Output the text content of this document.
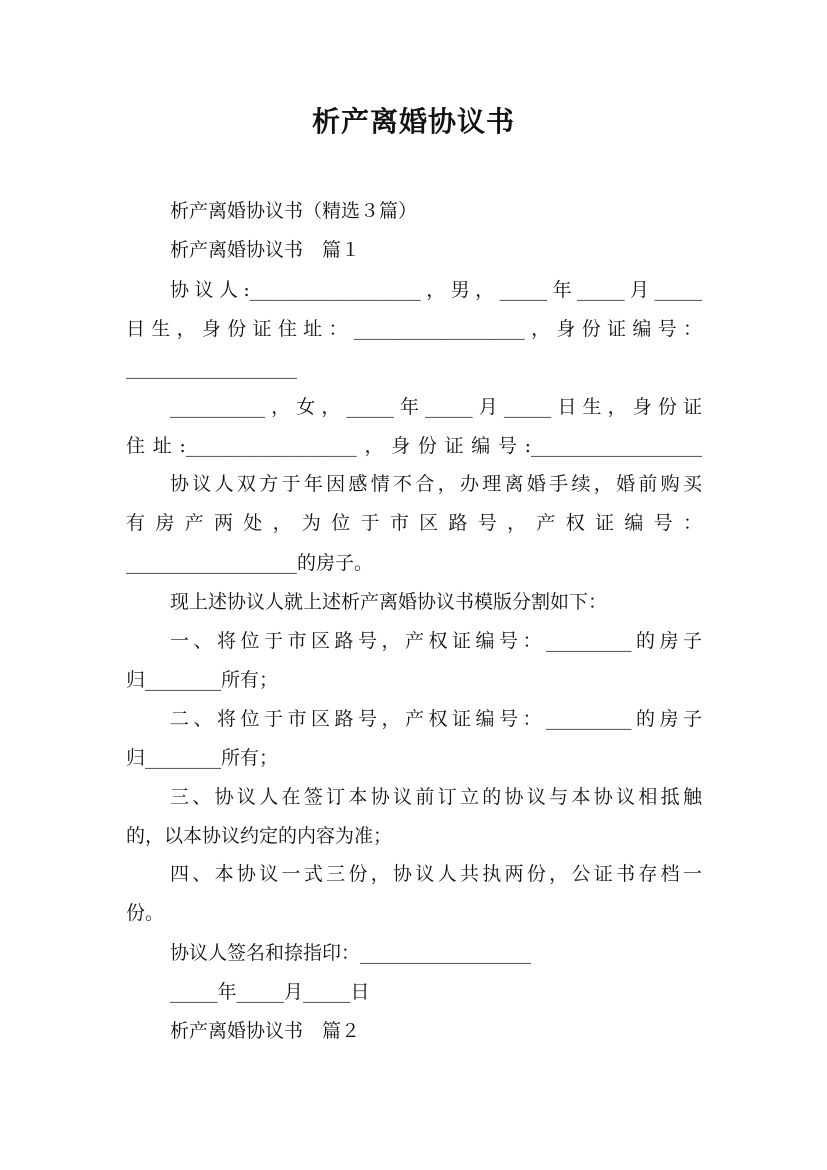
析产离婚协议书
析产离婚协议书（精选３篇）
析产离婚协议书　篇１
协议人:__________________，男，_____年_____月_____
日生，身份证住址：__________________，身份证编号：
__________________
__________，女，_____年_____月_____日生，身份证
住址:__________________，身份证编号:__________________
协议人双方于年因感情不合，办理离婚手续，婚前购买
有房产两处，为位于市区路号，产权证编号：
__________________的房子。
现上述协议人就上述析产离婚协议书模版分割如下：
一、将位于市区路号，产权证编号：_________的房子
归________所有；
二、将位于市区路号，产权证编号：_________的房子
归________所有；
三、协议人在签订本协议前订立的协议与本协议相抵触
的，以本协议约定的内容为准；
四、本协议一式三份，协议人共执两份，公证书存档一
份。
协议人签名和捺指印：__________________
_____年_____月_____日
析产离婚协议书　篇２
